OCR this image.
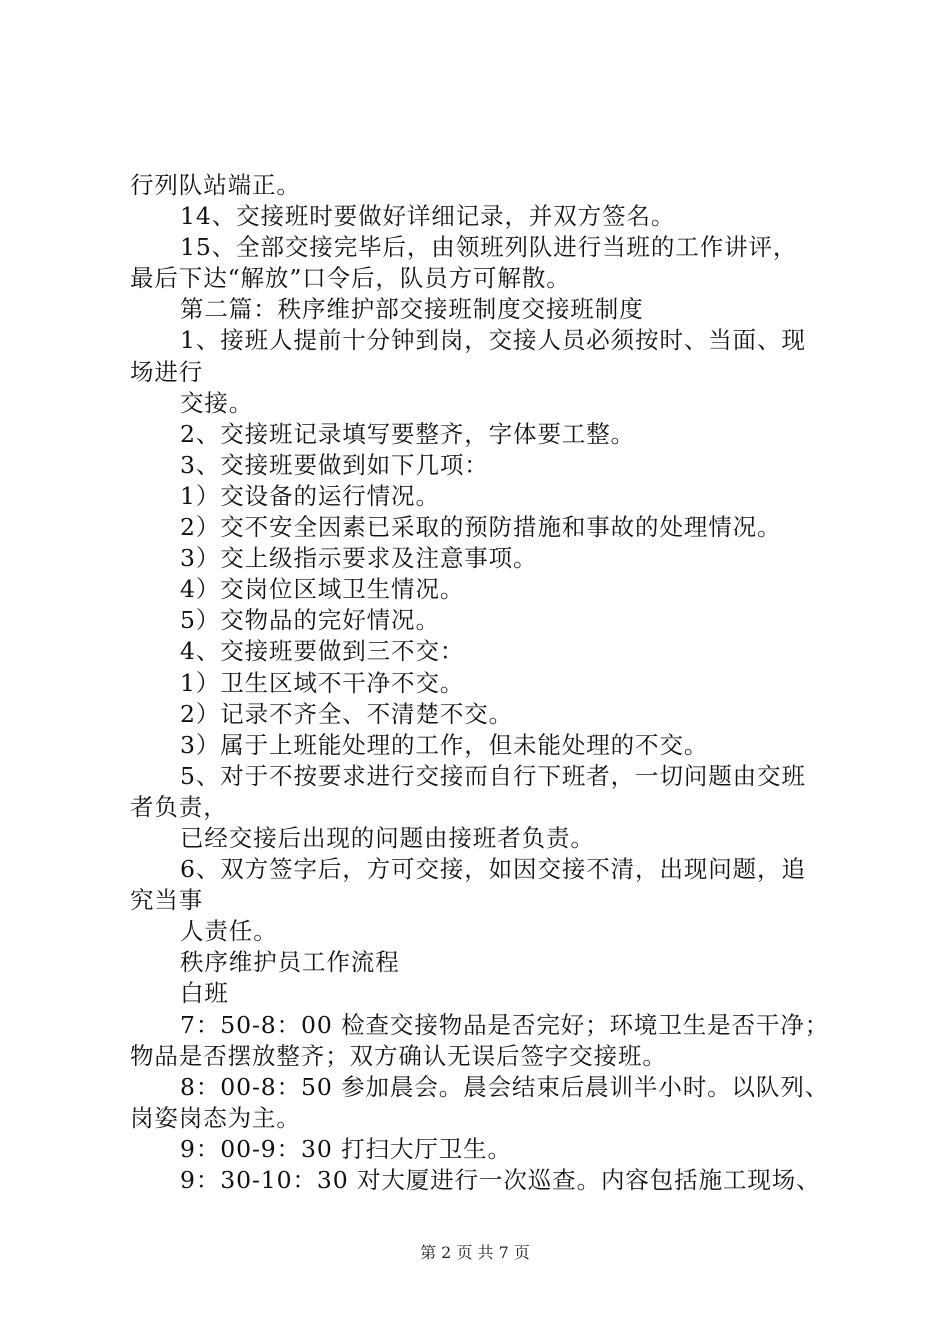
行列队站端正。
14、交接班时要做好详细记录，并双方签名。
15、全部交接完毕后，由领班列队进行当班的工作讲评，
最后下达“解放”口令后，队员方可解散。
第二篇：秩序维护部交接班制度交接班制度
1、接班人提前十分钟到岗，交接人员必须按时、当面、现
场进行
交接。
2、交接班记录填写要整齐，字体要工整。
3、交接班要做到如下几项：
1）交设备的运行情况。
2）交不安全因素已采取的预防措施和事故的处理情况。
3）交上级指示要求及注意事项。
4）交岗位区域卫生情况。
5）交物品的完好情况。
4、交接班要做到三不交：
1）卫生区域不干净不交。
2）记录不齐全、不清楚不交。
3）属于上班能处理的工作，但未能处理的不交。
5、对于不按要求进行交接而自行下班者，一切问题由交班
者负责，
已经交接后出现的问题由接班者负责。
6、双方签字后，方可交接，如因交接不清，出现问题，追
究当事
人责任。
秩序维护员工作流程
白班
7：50-8：00 检查交接物品是否完好；环境卫生是否干净；
物品是否摆放整齐；双方确认无误后签字交接班。
8：00-8：50 参加晨会。晨会结束后晨训半小时。以队列、
岗姿岗态为主。
9：00-9：30 打扫大厅卫生。
9：30-10：30 对大厦进行一次巡查。内容包括施工现场、
第 2 页 共 7 页
